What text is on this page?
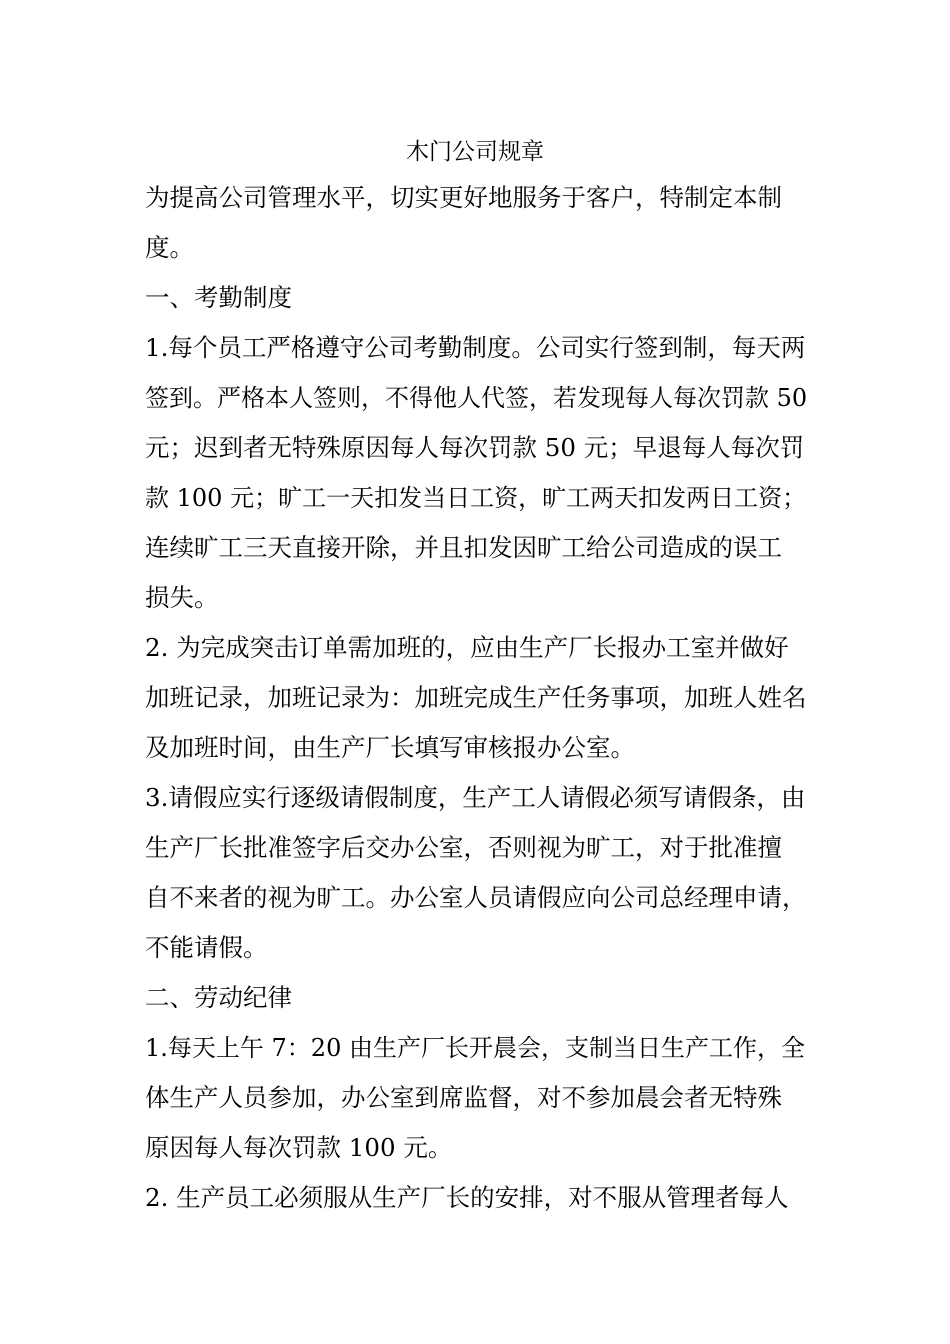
木门公司规章
为提高公司管理水平，切实更好地服务于客户，特制定本制
度。
一、考勤制度
1.每个员工严格遵守公司考勤制度。公司实行签到制，每天两
签到。严格本人签则，不得他人代签，若发现每人每次罚款 50
元；迟到者无特殊原因每人每次罚款 50 元；早退每人每次罚
款 100 元；旷工一天扣发当日工资，旷工两天扣发两日工资；
连续旷工三天直接开除，并且扣发因旷工给公司造成的误工
损失。
2. 为完成突击订单需加班的，应由生产厂长报办工室并做好
加班记录，加班记录为：加班完成生产任务事项，加班人姓名
及加班时间，由生产厂长填写审核报办公室。
3.请假应实行逐级请假制度，生产工人请假必须写请假条，由
生产厂长批准签字后交办公室，否则视为旷工，对于批准擅
自不来者的视为旷工。办公室人员请假应向公司总经理申请，
不能请假。
二、劳动纪律
1.每天上午 7：20 由生产厂长开晨会，支制当日生产工作，全
体生产人员参加，办公室到席监督，对不参加晨会者无特殊
原因每人每次罚款 100 元。
2. 生产员工必须服从生产厂长的安排，对不服从管理者每人
